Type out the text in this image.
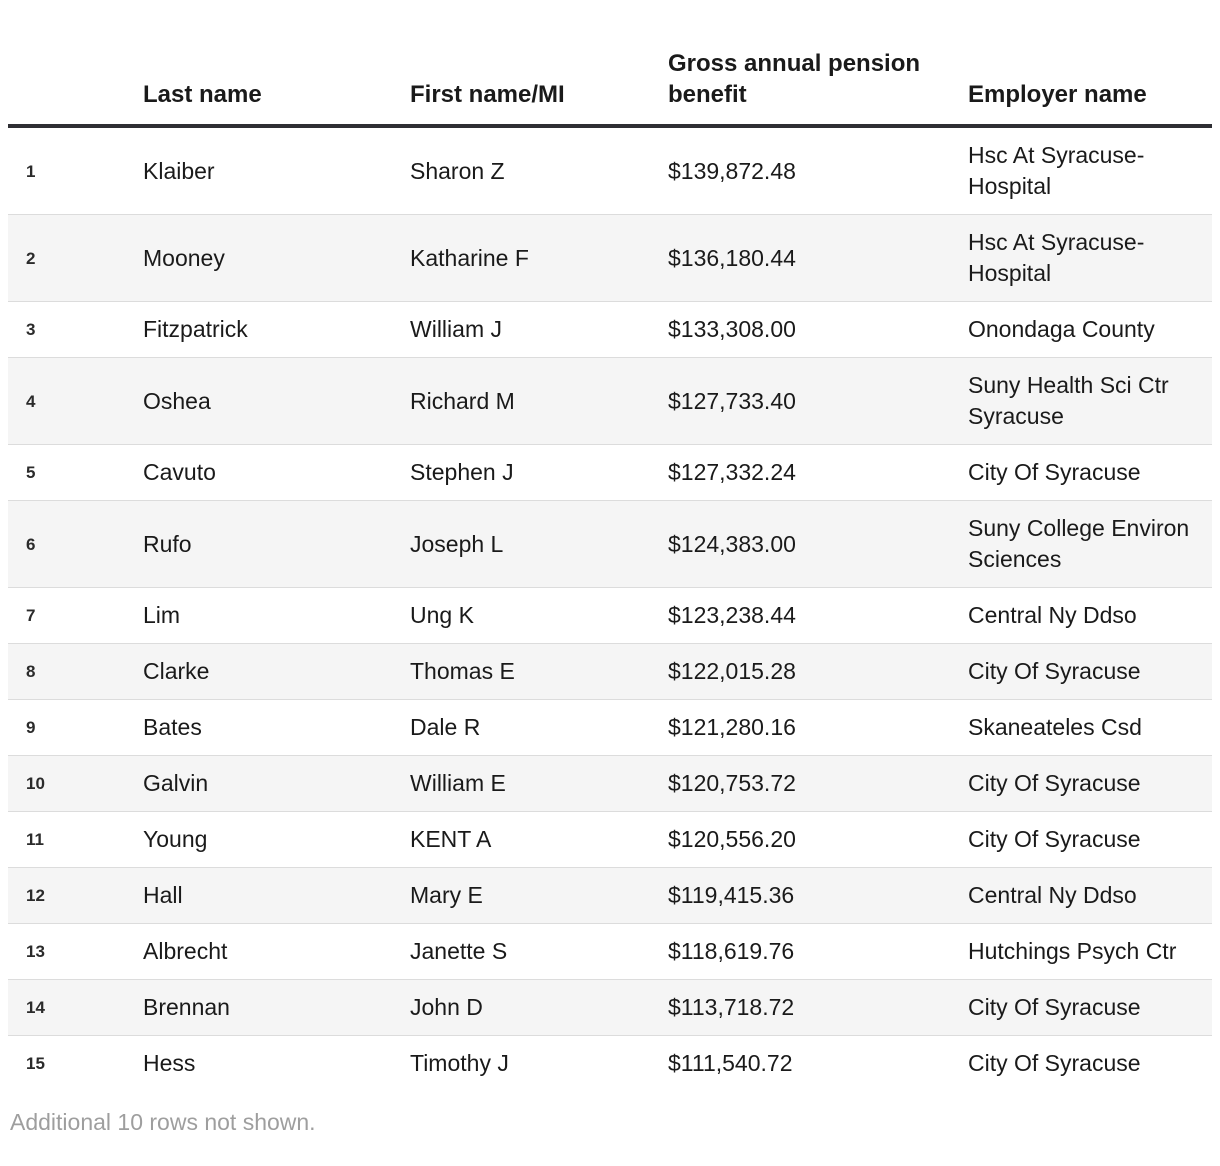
	Last name	First name/MI	Gross annual pension benefit	Employer name
1	Klaiber	Sharon Z	$139,872.48	Hsc At Syracuse-Hospital
2	Mooney	Katharine F	$136,180.44	Hsc At Syracuse-Hospital
3	Fitzpatrick	William J	$133,308.00	Onondaga County
4	Oshea	Richard M	$127,733.40	Suny Health Sci Ctr Syracuse
5	Cavuto	Stephen J	$127,332.24	City Of Syracuse
6	Rufo	Joseph L	$124,383.00	Suny College Environ Sciences
7	Lim	Ung K	$123,238.44	Central Ny Ddso
8	Clarke	Thomas E	$122,015.28	City Of Syracuse
9	Bates	Dale R	$121,280.16	Skaneateles Csd
10	Galvin	William E	$120,753.72	City Of Syracuse
11	Young	KENT A	$120,556.20	City Of Syracuse
12	Hall	Mary E	$119,415.36	Central Ny Ddso
13	Albrecht	Janette S	$118,619.76	Hutchings Psych Ctr
14	Brennan	John D	$113,718.72	City Of Syracuse
15	Hess	Timothy J	$111,540.72	City Of Syracuse

Additional 10 rows not shown.
